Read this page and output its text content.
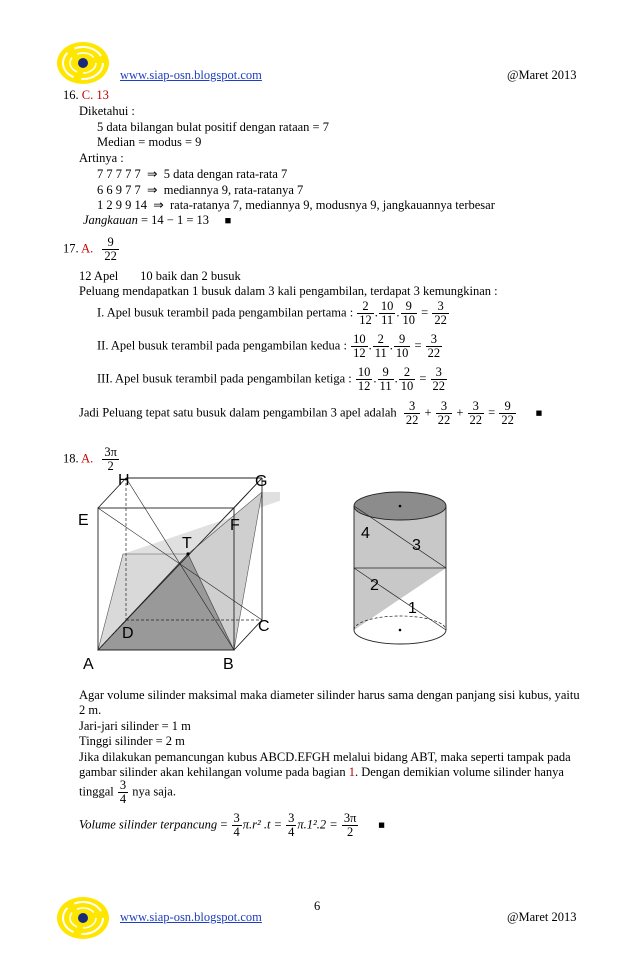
www.siap-osn.blogspot.com	@Maret 2013
16. C. 13
Diketahui :
5 data bilangan bulat positif dengan rataan = 7
Median = modus = 9
Artinya :
7 7 7 7 7 ⇒ 5 data dengan rata-rata 7
6 6 9 7 7 ⇒ mediannya 9, rata-ratanya 7
1 2 9 9 14 ⇒ rata-ratanya 7, mediannya 9, modusnya 9, jangkauannya terbesar
Jangkauan = 14 − 1 = 13 ■
17. A. $\frac{9}{22}$
12 Apel 10 baik dan 2 busuk
Peluang mendapatkan 1 busuk dalam 3 kali pengambilan, terdapat 3 kemungkinan :
I. Apel busuk terambil pada pengambilan pertama : $\frac{2}{12}$ . $\frac{10}{11}$ . $\frac{9}{10} = \frac{3}{22}$
II. Apel busuk terambil pada pengambilan kedua : $\frac{10}{12}$ . $\frac{2}{11}$ . $\frac{9}{10} = \frac{3}{22}$
III. Apel busuk terambil pada pengambilan ketiga : $\frac{10}{12}$ . $\frac{9}{11}$ . $\frac{2}{10} = \frac{3}{22}$
Jadi Peluang tepat satu busuk dalam pengambilan 3 apel adalah $\frac{3}{22} + \frac{3}{22} + \frac{3}{22} = \frac{9}{22}$ ■
18. A. $\frac{3\pi}{2}$
H	G
E	F
T
D	C
A	B
4
3
2
1
Agar volume silinder maksimal maka diameter silinder harus sama dengan panjang sisi kubus, yaitu
2 m.
Jari-jari silinder = 1 m
Tinggi silinder = 2 m
Jika dilakukan pemancungan kubus ABCD.EFGH melalui bidang ABT, maka seperti tampak pada
gambar silinder akan kehilangan volume pada bagian 1. Dengan demikian volume silinder hanya
tinggal $\frac{3}{4}$ nya saja.
Volume silinder terpancung = $\frac{3}{4} \pi.r^2$ $.t = \frac{3}{4} \pi.1^2.2 = \frac{3\pi}{2}$ ■
6
www.siap-osn.blogspot.com	@Maret 2013
